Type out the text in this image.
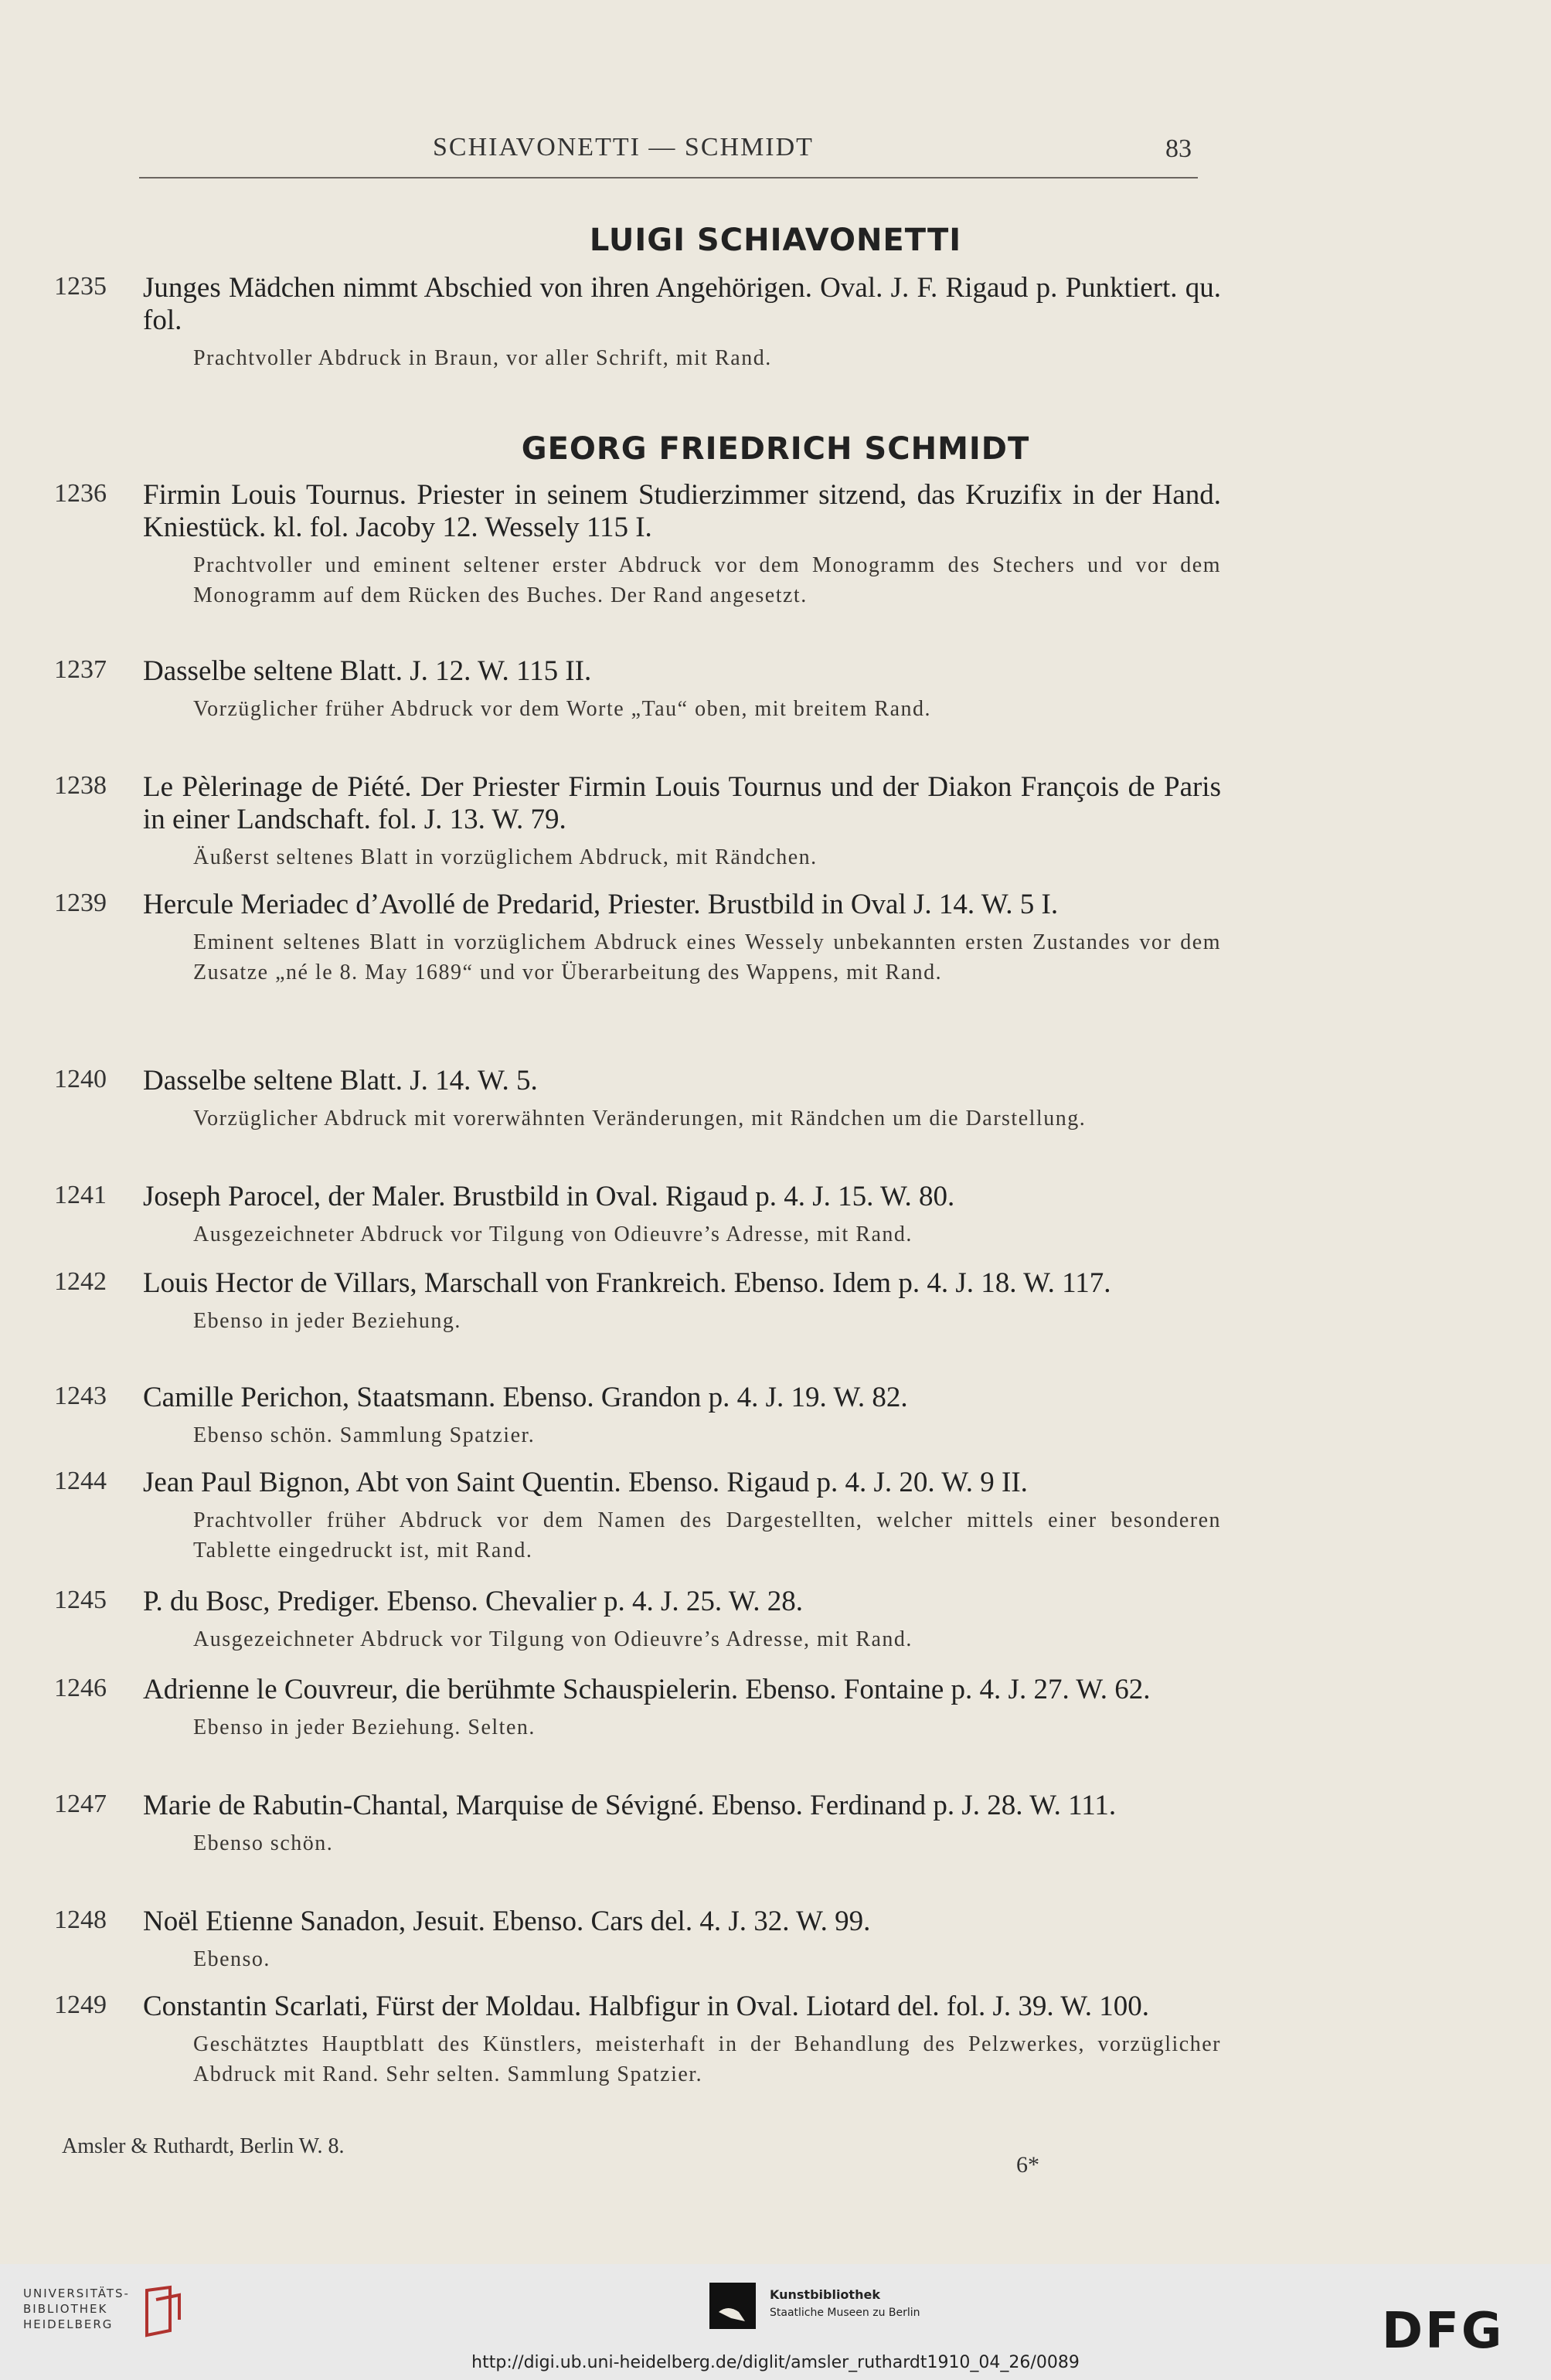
SCHIAVONETTI — SCHMIDT	83
LUIGI SCHIAVONETTI
1235 Junges Mädchen nimmt Abschied von ihren Angehörigen. Oval. J. F. Rigaud p. Punktiert. qu. fol.
Prachtvoller Abdruck in Braun, vor aller Schrift, mit Rand.
GEORG FRIEDRICH SCHMIDT
1236 Firmin Louis Tournus. Priester in seinem Studierzimmer sitzend, das Kruzifix in der Hand. Kniestück. kl. fol. Jacoby 12. Wessely 115 I.
Prachtvoller und eminent seltener erster Abdruck vor dem Monogramm des Stechers und vor dem Monogramm auf dem Rücken des Buches. Der Rand angesetzt.
1237 Dasselbe seltene Blatt. J. 12. W. 115 II.
Vorzüglicher früher Abdruck vor dem Worte „Tau“ oben, mit breitem Rand.
1238 Le Pèlerinage de Piété. Der Priester Firmin Louis Tournus und der Diakon François de Paris in einer Landschaft. fol. J. 13. W. 79.
Äußerst seltenes Blatt in vorzüglichem Abdruck, mit Rändchen.
1239 Hercule Meriadec d’Avollé de Predarid, Priester. Brustbild in Oval J. 14. W. 5 I.
Eminent seltenes Blatt in vorzüglichem Abdruck eines Wessely unbekannten ersten Zustandes vor dem Zusatze „né le 8. May 1689“ und vor Überarbeitung des Wappens, mit Rand.
1240 Dasselbe seltene Blatt. J. 14. W. 5.
Vorzüglicher Abdruck mit vorerwähnten Veränderungen, mit Rändchen um die Darstellung.
1241 Joseph Parocel, der Maler. Brustbild in Oval. Rigaud p. 4. J. 15. W. 80.
Ausgezeichneter Abdruck vor Tilgung von Odieuvre’s Adresse, mit Rand.
1242 Louis Hector de Villars, Marschall von Frankreich. Ebenso. Idem p. 4. J. 18. W. 117.
Ebenso in jeder Beziehung.
1243 Camille Perichon, Staatsmann. Ebenso. Grandon p. 4. J. 19. W. 82.
Ebenso schön. Sammlung Spatzier.
1244 Jean Paul Bignon, Abt von Saint Quentin. Ebenso. Rigaud p. 4. J. 20. W. 9 II.
Prachtvoller früher Abdruck vor dem Namen des Dargestellten, welcher mittels einer besonderen Tablette eingedruckt ist, mit Rand.
1245 P. du Bosc, Prediger. Ebenso. Chevalier p. 4. J. 25. W. 28.
Ausgezeichneter Abdruck vor Tilgung von Odieuvre’s Adresse, mit Rand.
1246 Adrienne le Couvreur, die berühmte Schauspielerin. Ebenso. Fontaine p. 4. J. 27. W. 62.
Ebenso in jeder Beziehung. Selten.
1247 Marie de Rabutin-Chantal, Marquise de Sévigné. Ebenso. Ferdinand p. J. 28. W. 111.
Ebenso schön.
1248 Noël Etienne Sanadon, Jesuit. Ebenso. Cars del. 4. J. 32. W. 99.
Ebenso.
1249 Constantin Scarlati, Fürst der Moldau. Halbfigur in Oval. Liotard del. fol. J. 39. W. 100.
Geschätztes Hauptblatt des Künstlers, meisterhaft in der Behandlung des Pelzwerkes, vorzüglicher Abdruck mit Rand. Sehr selten. Sammlung Spatzier.
Amsler & Ruthardt, Berlin W. 8.
6*
UNIVERSITÄTS-
BIBLIOTHEK
HEIDELBERG
Kunstbibliothek
Staatliche Museen zu Berlin	DFG
http://digi.ub.uni-heidelberg.de/diglit/amsler_ruthardt1910_04_26/0089
